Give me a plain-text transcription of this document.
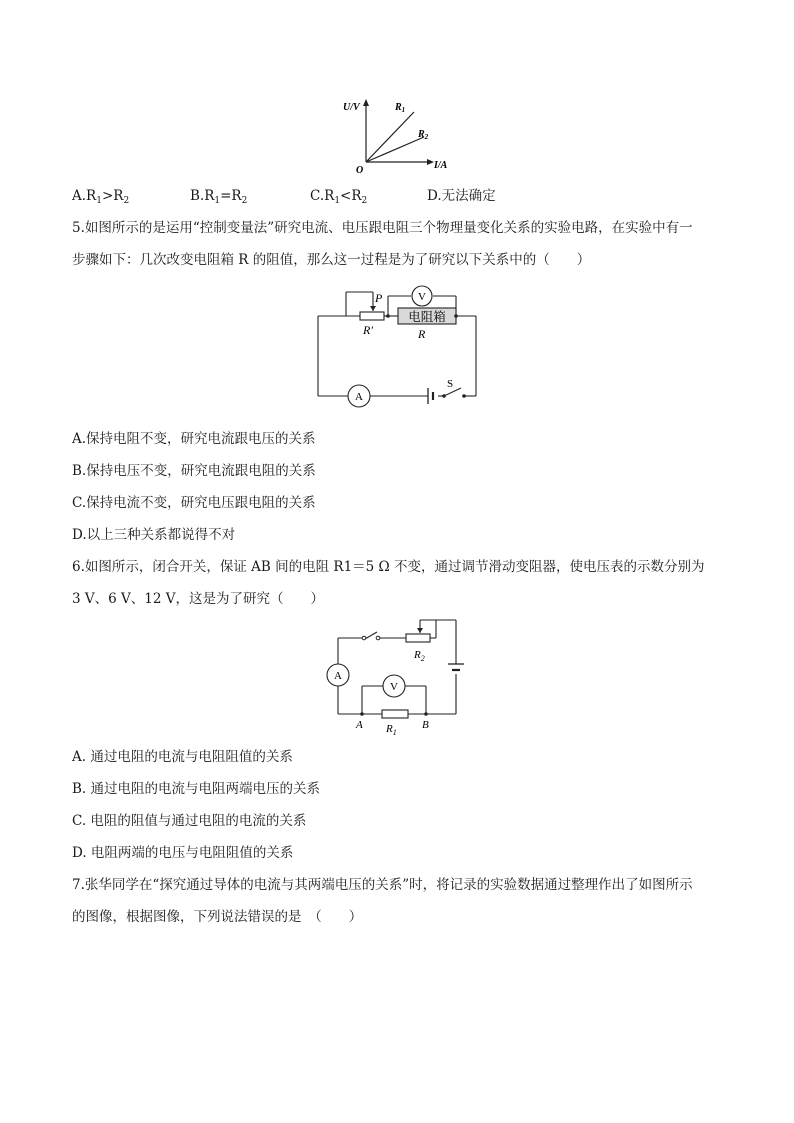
U/V
I/A
O
$R_1$
$R_2$
$A.R_1>R_2$	$B.R_1=R_2$	$C.R_1<R_2$	D.无法确定
5.如图所示的是运用“控制变量法”研究电流、电压跟电阻三个物理量变化关系的实验电路，在实验中有一
步骤如下：几次改变电阻箱 R 的阻值，那么这一过程是为了研究以下关系中的（　　）
P
R′
V
电阻箱
R
A
S
A.保持电阻不变，研究电流跟电压的关系
B.保持电压不变，研究电流跟电阻的关系
C.保持电流不变，研究电压跟电阻的关系
D.以上三种关系都说得不对
6.如图所示，闭合开关，保证 AB 间的电阻 R1＝5 Ω 不变，通过调节滑动变阻器，使电压表的示数分别为
3 V、6 V、12 V，这是为了研究（　　）
A
V
$R_2$
$R_1$
A	B
A. 通过电阻的电流与电阻阻值的关系
B. 通过电阻的电流与电阻两端电压的关系
C. 电阻的阻值与通过电阻的电流的关系
D. 电阻两端的电压与电阻阻值的关系
7.张华同学在“探究通过导体的电流与其两端电压的关系”时，将记录的实验数据通过整理作出了如图所示
的图像，根据图像，下列说法错误的是　（　　）
